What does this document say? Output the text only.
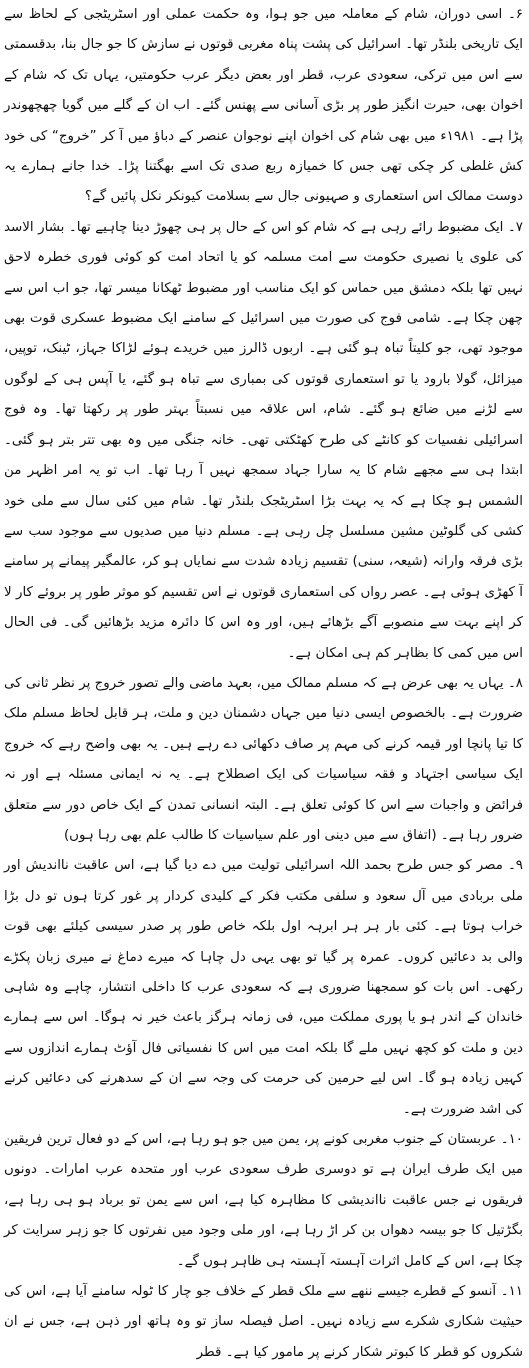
۶۔ اسی دوران، شام کے معاملہ میں جو ہوا، وہ حکمت عملی اور اسٹریٹجی کے لحاظ سے ایک تاریخی بلنڈر تھا۔ اسرائیل کی پشت پناہ مغربی قوتوں نے سازش کا جو جال بنا، بدقسمتی سے اس میں ترکی، سعودی عرب، قطر اور بعض دیگر عرب حکومتیں، یہاں تک کہ شام کے اخوان بھی، حیرت انگیز طور پر بڑی آسانی سے پھنس گئے۔ اب ان کے گلے میں گویا چھچھوندر پڑا ہے۔ ۱۹۸۱ء میں بھی شام کی اخوان اپنے نوجوان عنصر کے دباؤ میں آ کر ”خروج“ کی خود کش غلطی کر چکی تھی جس کا خمیازہ ربع صدی تک اسے بھگتنا پڑا۔ خدا جانے ہمارے یہ دوست ممالک اس استعماری و صہیونی جال سے بسلامت کیونکر نکل پائیں گے؟

۷۔ ایک مضبوط رائے رہی ہے کہ شام کو اس کے حال پر ہی چھوڑ دینا چاہیے تھا۔ بشار الاسد کی علوی یا نصیری حکومت سے امت مسلمہ کو یا اتحاد امت کو کوئی فوری خطرہ لاحق نہیں تھا بلکہ دمشق میں حماس کو ایک مناسب اور مضبوط ٹھکانا میسر تھا، جو اب اس سے چھن چکا ہے۔ شامی فوج کی صورت میں اسرائیل کے سامنے ایک مضبوط عسکری قوت بھی موجود تھی، جو کلیتاً تباہ ہو گئی ہے۔ اربوں ڈالرز میں خریدے ہوئے لڑاکا جہاز، ٹینک، توپیں، میزائل، گولا بارود یا تو استعماری قوتوں کی بمباری سے تباہ ہو گئے، یا آپس ہی کے لوگوں سے لڑنے میں ضائع ہو گئے۔ شام، اس علاقہ میں نسبتاً بہتر طور پر رکھتا تھا۔ وہ فوج اسرائیلی نفسیات کو کانٹے کی طرح کھٹکتی تھی۔ خانہ جنگی میں وہ بھی تتر بتر ہو گئی۔ ابتدا ہی سے مجھے شام کا یہ سارا جہاد سمجھ نہیں آ رہا تھا۔ اب تو یہ امر اظہر من الشمس ہو چکا ہے کہ یہ بہت بڑا اسٹریٹجک بلنڈر تھا۔ شام میں کئی سال سے ملی خود کشی کی گلوٹین مشین مسلسل چل رہی ہے۔ مسلم دنیا میں صدیوں سے موجود سب سے بڑی فرقہ وارانہ (شیعہ، سنی) تقسیم زیادہ شدت سے نمایاں ہو کر، عالمگیر پیمانے پر سامنے آ کھڑی ہوئی ہے۔ عصر رواں کی استعماری قوتوں نے اس تقسیم کو موثر طور پر بروئے کار لا کر اپنے بہت سے منصوبے آگے بڑھائے ہیں، اور وہ اس کا دائرہ مزید بڑھائیں گی۔ فی الحال اس میں کمی کا بظاہر کم ہی امکان ہے۔

۸۔ یہاں یہ بھی عرض ہے کہ مسلم ممالک میں، بعہد ماضی والے تصور خروج پر نظر ثانی کی ضرورت ہے۔ بالخصوص ایسی دنیا میں جہاں دشمنان دین و ملت، ہر قابل لحاظ مسلم ملک کا تیا پانچا اور قیمہ کرنے کی مہم پر صاف دکھائی دے رہے ہیں۔ یہ بھی واضح رہے کہ خروج ایک سیاسی اجتہاد و فقہ سیاسیات کی ایک اصطلاح ہے۔ یہ نہ ایمانی مسئلہ ہے اور نہ فرائض و واجبات سے اس کا کوئی تعلق ہے۔ البتہ انسانی تمدن کے ایک خاص دور سے متعلق ضرور رہا ہے۔ (اتفاق سے میں دینی اور علم سیاسیات کا طالب علم بھی رہا ہوں)

۹۔ مصر کو جس طرح بحمد اللہ اسرائیلی تولیت میں دے دیا گیا ہے، اس عاقبت نااندیش اور ملی بربادی میں آل سعود و سلفی مکتب فکر کے کلیدی کردار پر غور کرتا ہوں تو دل بڑا خراب ہوتا ہے۔ کئی بار ہر ہر ابرہہ اول بلکہ خاص طور پر صدر سیسی کیلئے بھی قوت والی بد دعائیں کروں۔ عمرہ پر گیا تو بھی یہی دل چاہا کہ میرے دماغ نے میری زبان پکڑے رکھی۔ اس بات کو سمجھنا ضروری ہے کہ سعودی عرب کا داخلی انتشار، چاہے وہ شاہی خاندان کے اندر ہو یا پوری مملکت میں، فی زمانہ ہرگز باعث خیر نہ ہوگا۔ اس سے ہمارے دین و ملت کو کچھ نہیں ملے گا بلکہ امت میں اس کا نفسیاتی فال آؤٹ ہمارے اندازوں سے کہیں زیادہ ہو گا۔ اس لیے حرمین کی حرمت کی وجہ سے ان کے سدھرنے کی دعائیں کرنے کی اشد ضرورت ہے۔

۱۰۔ عربستان کے جنوب مغربی کونے پر، یمن میں جو ہو رہا ہے، اس کے دو فعال ترین فریقین میں ایک طرف ایران ہے تو دوسری طرف سعودی عرب اور متحدہ عرب امارات۔ دونوں فریقوں نے جس عاقبت نااندیشی کا مظاہرہ کیا ہے، اس سے یمن تو برباد ہو ہی رہا ہے، بگڑتیل کا جو بیسہ دھواں بن کر اڑ رہا ہے، اور ملی وجود میں نفرتوں کا جو زہر سرایت کر چکا ہے، اس کے کامل اثرات آہستہ آہستہ ہی ظاہر ہوں گے۔

۱۱۔ آنسو کے قطرے جیسے ننھے سے ملک قطر کے خلاف جو چار کا ٹولہ سامنے آیا ہے، اس کی حیثیت شکاری شکرے سے زیادہ نہیں۔ اصل فیصلہ ساز تو وہ ہاتھ اور ذہن ہے، جس نے ان شکروں کو قطر کا کبوتر شکار کرنے پر مامور کیا ہے۔ قطر
